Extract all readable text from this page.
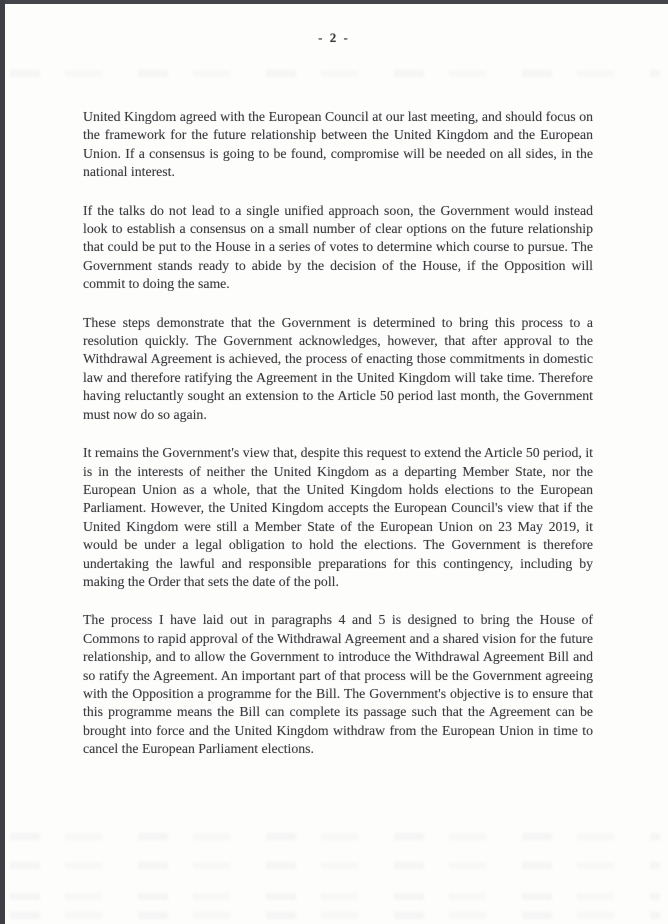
- 2 -

United Kingdom agreed with the European Council at our last meeting, and should focus on the framework for the future relationship between the United Kingdom and the European Union. If a consensus is going to be found, compromise will be needed on all sides, in the national interest.

If the talks do not lead to a single unified approach soon, the Government would instead look to establish a consensus on a small number of clear options on the future relationship that could be put to the House in a series of votes to determine which course to pursue. The Government stands ready to abide by the decision of the House, if the Opposition will commit to doing the same.

These steps demonstrate that the Government is determined to bring this process to a resolution quickly. The Government acknowledges, however, that after approval to the Withdrawal Agreement is achieved, the process of enacting those commitments in domestic law and therefore ratifying the Agreement in the United Kingdom will take time. Therefore having reluctantly sought an extension to the Article 50 period last month, the Government must now do so again.

It remains the Government's view that, despite this request to extend the Article 50 period, it is in the interests of neither the United Kingdom as a departing Member State, nor the European Union as a whole, that the United Kingdom holds elections to the European Parliament. However, the United Kingdom accepts the European Council's view that if the United Kingdom were still a Member State of the European Union on 23 May 2019, it would be under a legal obligation to hold the elections. The Government is therefore undertaking the lawful and responsible preparations for this contingency, including by making the Order that sets the date of the poll.

The process I have laid out in paragraphs 4 and 5 is designed to bring the House of Commons to rapid approval of the Withdrawal Agreement and a shared vision for the future relationship, and to allow the Government to introduce the Withdrawal Agreement Bill and so ratify the Agreement. An important part of that process will be the Government agreeing with the Opposition a programme for the Bill. The Government's objective is to ensure that this programme means the Bill can complete its passage such that the Agreement can be brought into force and the United Kingdom withdraw from the European Union in time to cancel the European Parliament elections.
